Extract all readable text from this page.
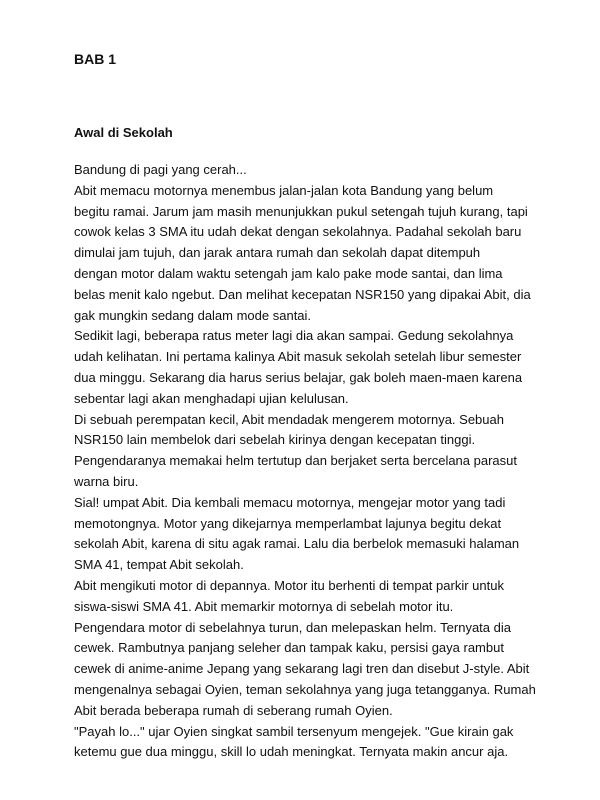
BAB 1
Awal di Sekolah

Bandung di pagi yang cerah...

Abit memacu motornya menembus jalan-jalan kota Bandung yang belum

begitu ramai. Jarum jam masih menunjukkan pukul setengah tujuh kurang, tapi

cowok kelas 3 SMA itu udah dekat dengan sekolahnya. Padahal sekolah baru

dimulai jam tujuh, dan jarak antara rumah dan sekolah dapat ditempuh

dengan motor dalam waktu setengah jam kalo pake mode santai, dan lima

belas menit kalo ngebut. Dan melihat kecepatan NSR150 yang dipakai Abit, dia

gak mungkin sedang dalam mode santai.

Sedikit lagi, beberapa ratus meter lagi dia akan sampai. Gedung sekolahnya

udah kelihatan. Ini pertama kalinya Abit masuk sekolah setelah libur semester

dua minggu. Sekarang dia harus serius belajar, gak boleh maen-maen karena

sebentar lagi akan menghadapi ujian kelulusan.

Di sebuah perempatan kecil, Abit mendadak mengerem motornya. Sebuah

NSR150 lain membelok dari sebelah kirinya dengan kecepatan tinggi.

Pengendaranya memakai helm tertutup dan berjaket serta bercelana parasut

warna biru.

Sial! umpat Abit. Dia kembali memacu motornya, mengejar motor yang tadi

memotongnya. Motor yang dikejarnya memperlambat lajunya begitu dekat

sekolah Abit, karena di situ agak ramai. Lalu dia berbelok memasuki halaman

SMA 41, tempat Abit sekolah.

Abit mengikuti motor di depannya. Motor itu berhenti di tempat parkir untuk

siswa-siswi SMA 41. Abit memarkir motornya di sebelah motor itu.

Pengendara motor di sebelahnya turun, dan melepaskan helm. Ternyata dia

cewek. Rambutnya panjang seleher dan tampak kaku, persisi gaya rambut

cewek di anime-anime Jepang yang sekarang lagi tren dan disebut J-style. Abit

mengenalnya sebagai Oyien, teman sekolahnya yang juga tetangganya. Rumah

Abit berada beberapa rumah di seberang rumah Oyien.

"Payah lo..." ujar Oyien singkat sambil tersenyum mengejek. "Gue kirain gak

ketemu gue dua minggu, skill lo udah meningkat. Ternyata makin ancur aja.
